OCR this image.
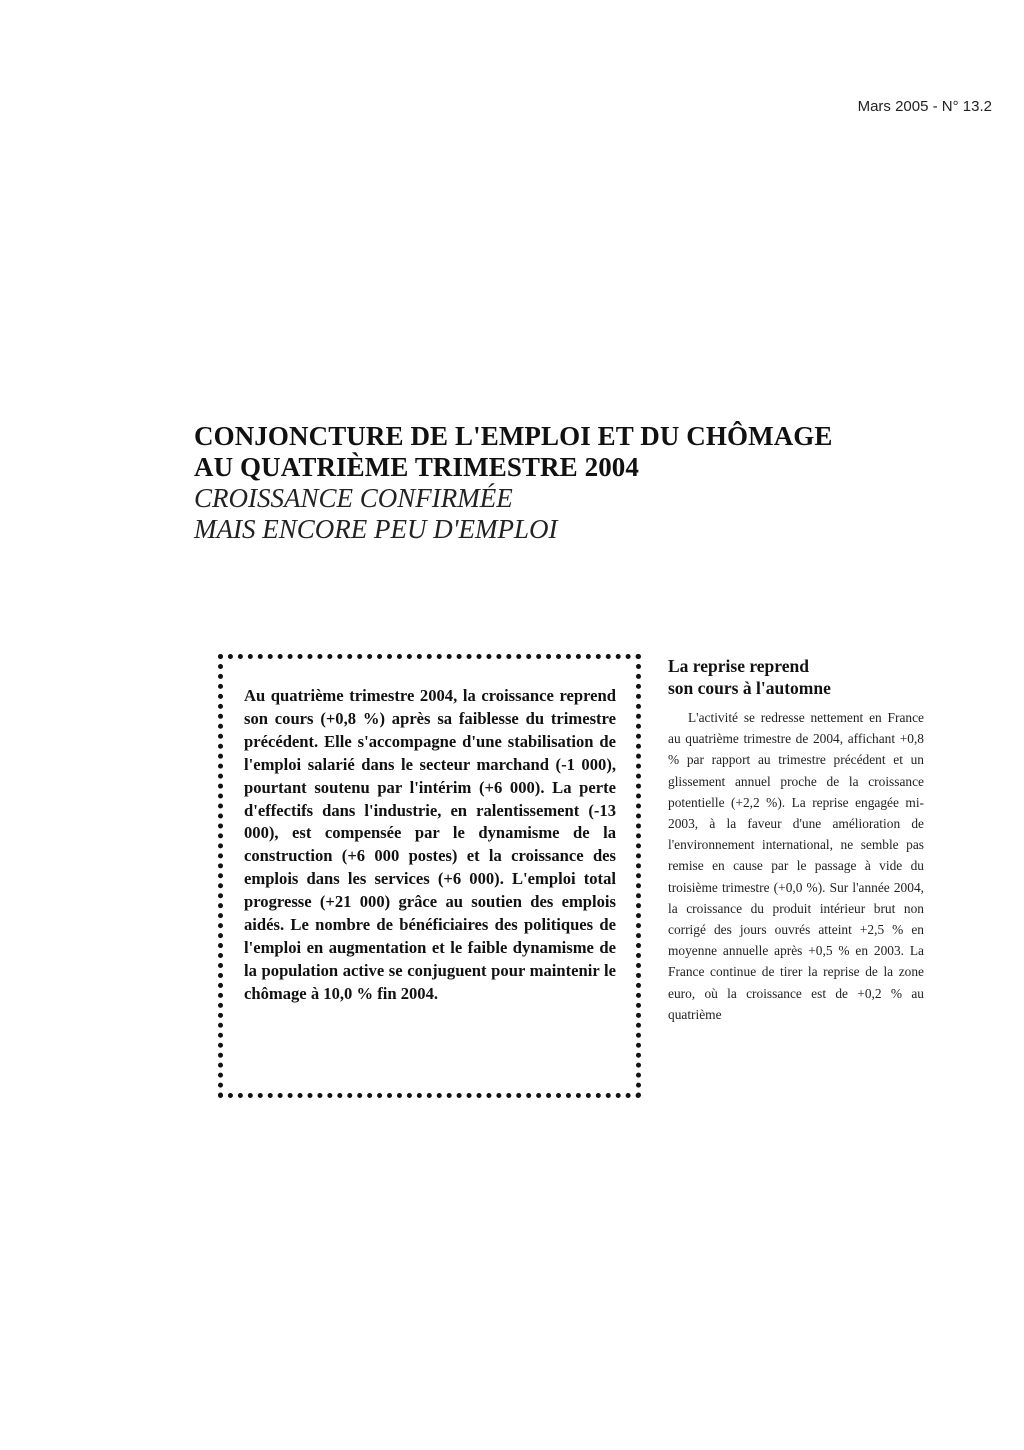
Mars 2005 - N° 13.2
CONJONCTURE DE L'EMPLOI ET DU CHÔMAGE
AU QUATRIÈME TRIMESTRE 2004
CROISSANCE CONFIRMÉE
MAIS ENCORE PEU D'EMPLOI

Au quatrième trimestre 2004, la croissance reprend son cours (+0,8 %) après sa faiblesse du trimestre précédent. Elle s'accompagne d'une stabilisation de l'emploi salarié dans le secteur marchand (-1 000), pourtant soutenu par l'intérim (+6 000). La perte d'effectifs dans l'industrie, en ralentissement (-13 000), est compensée par le dynamisme de la construction (+6 000 postes) et la croissance des emplois dans les services (+6 000). L'emploi total progresse (+21 000) grâce au soutien des emplois aidés. Le nombre de bénéficiaires des politiques de l'emploi en augmentation et le faible dynamisme de la population active se conjuguent pour maintenir le chômage à 10,0 % fin 2004.

La reprise reprend
son cours à l'automne

L'activité se redresse nettement en France au quatrième trimestre de 2004, affichant +0,8 % par rapport au trimestre précédent et un glissement annuel proche de la croissance potentielle (+2,2 %). La reprise engagée mi-2003, à la faveur d'une amélioration de l'environnement international, ne semble pas remise en cause par le passage à vide du troisième trimestre (+0,0 %). Sur l'année 2004, la croissance du produit intérieur brut non corrigé des jours ouvrés atteint +2,5 % en moyenne annuelle après +0,5 % en 2003. La France continue de tirer la reprise de la zone euro, où la croissance est de +0,2 % au quatrième
